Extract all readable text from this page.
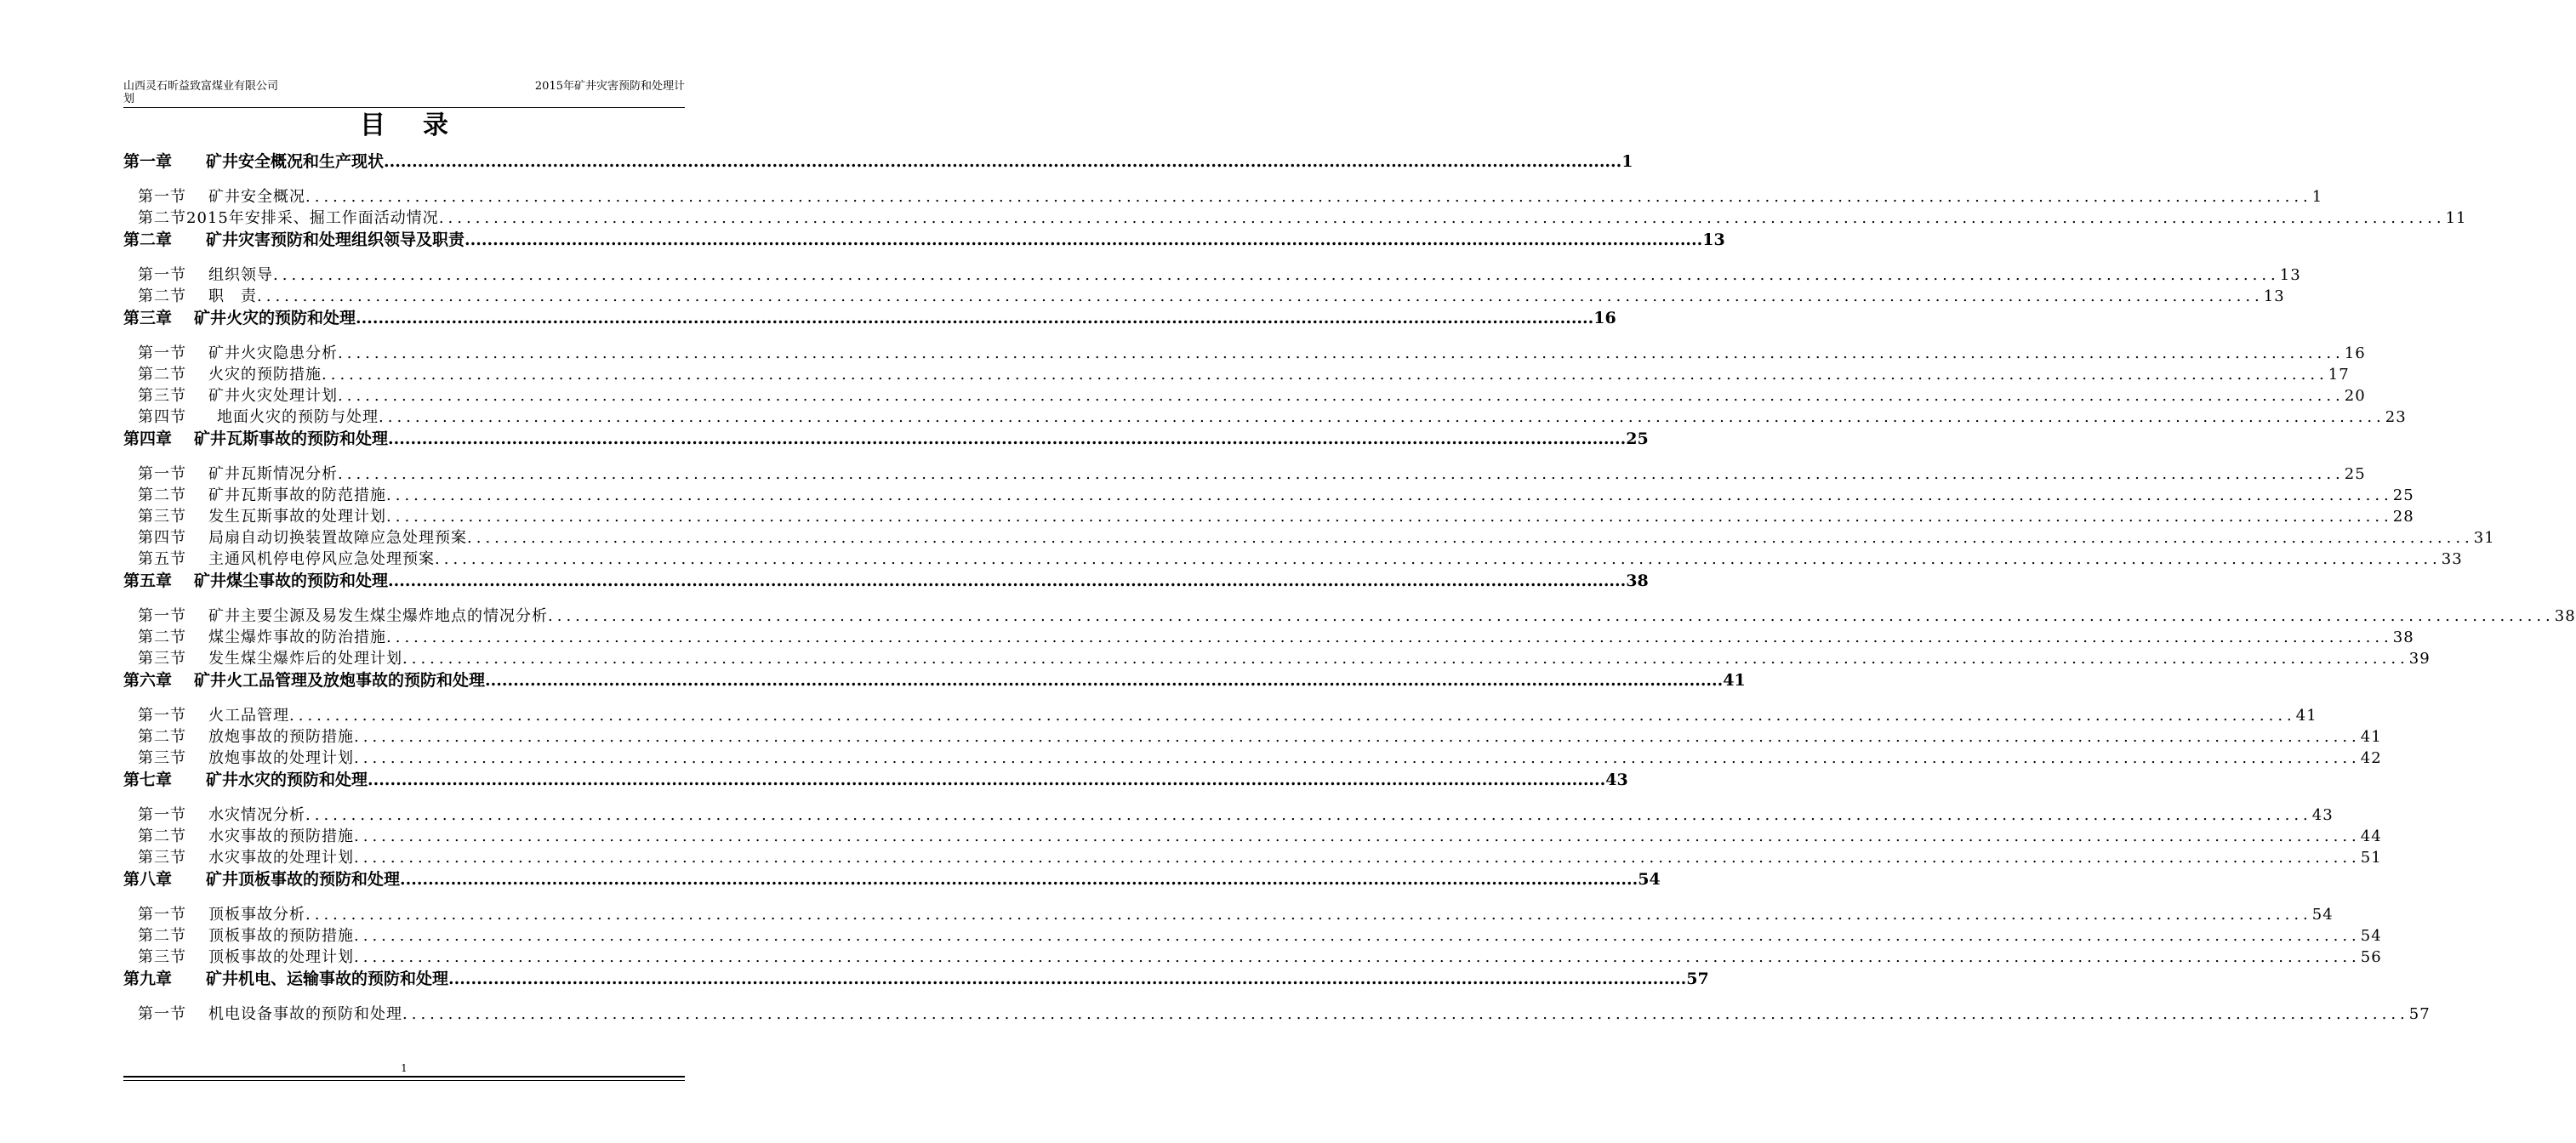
山西灵石昕益致富煤业有限公司
划
2015年矿井灾害预防和处理计
目录
第一章 矿井安全概况和生产现状 ............................................................................................................................................................................................................................ 1
第一节 矿井安全概况 ............................................................................................................................................................................................................................ 1
第二节 2015年安排采、掘工作面活动情况 ............................................................................................................................................................................................................................ 11
第二章 矿井灾害预防和处理组织领导及职责 ............................................................................................................................................................................................................................ 13
第一节 组织领导 ............................................................................................................................................................................................................................ 13
第二节 职　责 ............................................................................................................................................................................................................................ 13
第三章 矿井火灾的预防和处理 ............................................................................................................................................................................................................................ 16
第一节 矿井火灾隐患分析 ............................................................................................................................................................................................................................ 16
第二节 火灾的预防措施 ............................................................................................................................................................................................................................ 17
第三节 矿井火灾处理计划 ............................................................................................................................................................................................................................ 20
第四节 地面火灾的预防与处理 ............................................................................................................................................................................................................................ 23
第四章 矿井瓦斯事故的预防和处理 ............................................................................................................................................................................................................................ 25
第一节 矿井瓦斯情况分析 ............................................................................................................................................................................................................................ 25
第二节 矿井瓦斯事故的防范措施 ............................................................................................................................................................................................................................ 25
第三节 发生瓦斯事故的处理计划 ............................................................................................................................................................................................................................ 28
第四节 局扇自动切换装置故障应急处理预案 ............................................................................................................................................................................................................................ 31
第五节 主通风机停电停风应急处理预案 ............................................................................................................................................................................................................................ 33
第五章 矿井煤尘事故的预防和处理 ............................................................................................................................................................................................................................ 38
第一节 矿井主要尘源及易发生煤尘爆炸地点的情况分析 ............................................................................................................................................................................................................................ 38
第二节 煤尘爆炸事故的防治措施 ............................................................................................................................................................................................................................ 38
第三节 发生煤尘爆炸后的处理计划 ............................................................................................................................................................................................................................ 39
第六章 矿井火工品管理及放炮事故的预防和处理 ............................................................................................................................................................................................................................ 41
第一节 火工品管理 ............................................................................................................................................................................................................................ 41
第二节 放炮事故的预防措施 ............................................................................................................................................................................................................................ 41
第三节 放炮事故的处理计划 ............................................................................................................................................................................................................................ 42
第七章 矿井水灾的预防和处理 ............................................................................................................................................................................................................................ 43
第一节 水灾情况分析 ............................................................................................................................................................................................................................ 43
第二节 水灾事故的预防措施 ............................................................................................................................................................................................................................ 44
第三节 水灾事故的处理计划 ............................................................................................................................................................................................................................ 51
第八章 矿井顶板事故的预防和处理 ............................................................................................................................................................................................................................ 54
第一节 顶板事故分析 ............................................................................................................................................................................................................................ 54
第二节 顶板事故的预防措施 ............................................................................................................................................................................................................................ 54
第三节 顶板事故的处理计划 ............................................................................................................................................................................................................................ 56
第九章 矿井机电、运输事故的预防和处理 ............................................................................................................................................................................................................................ 57
第一节 机电设备事故的预防和处理 ............................................................................................................................................................................................................................ 57
1
